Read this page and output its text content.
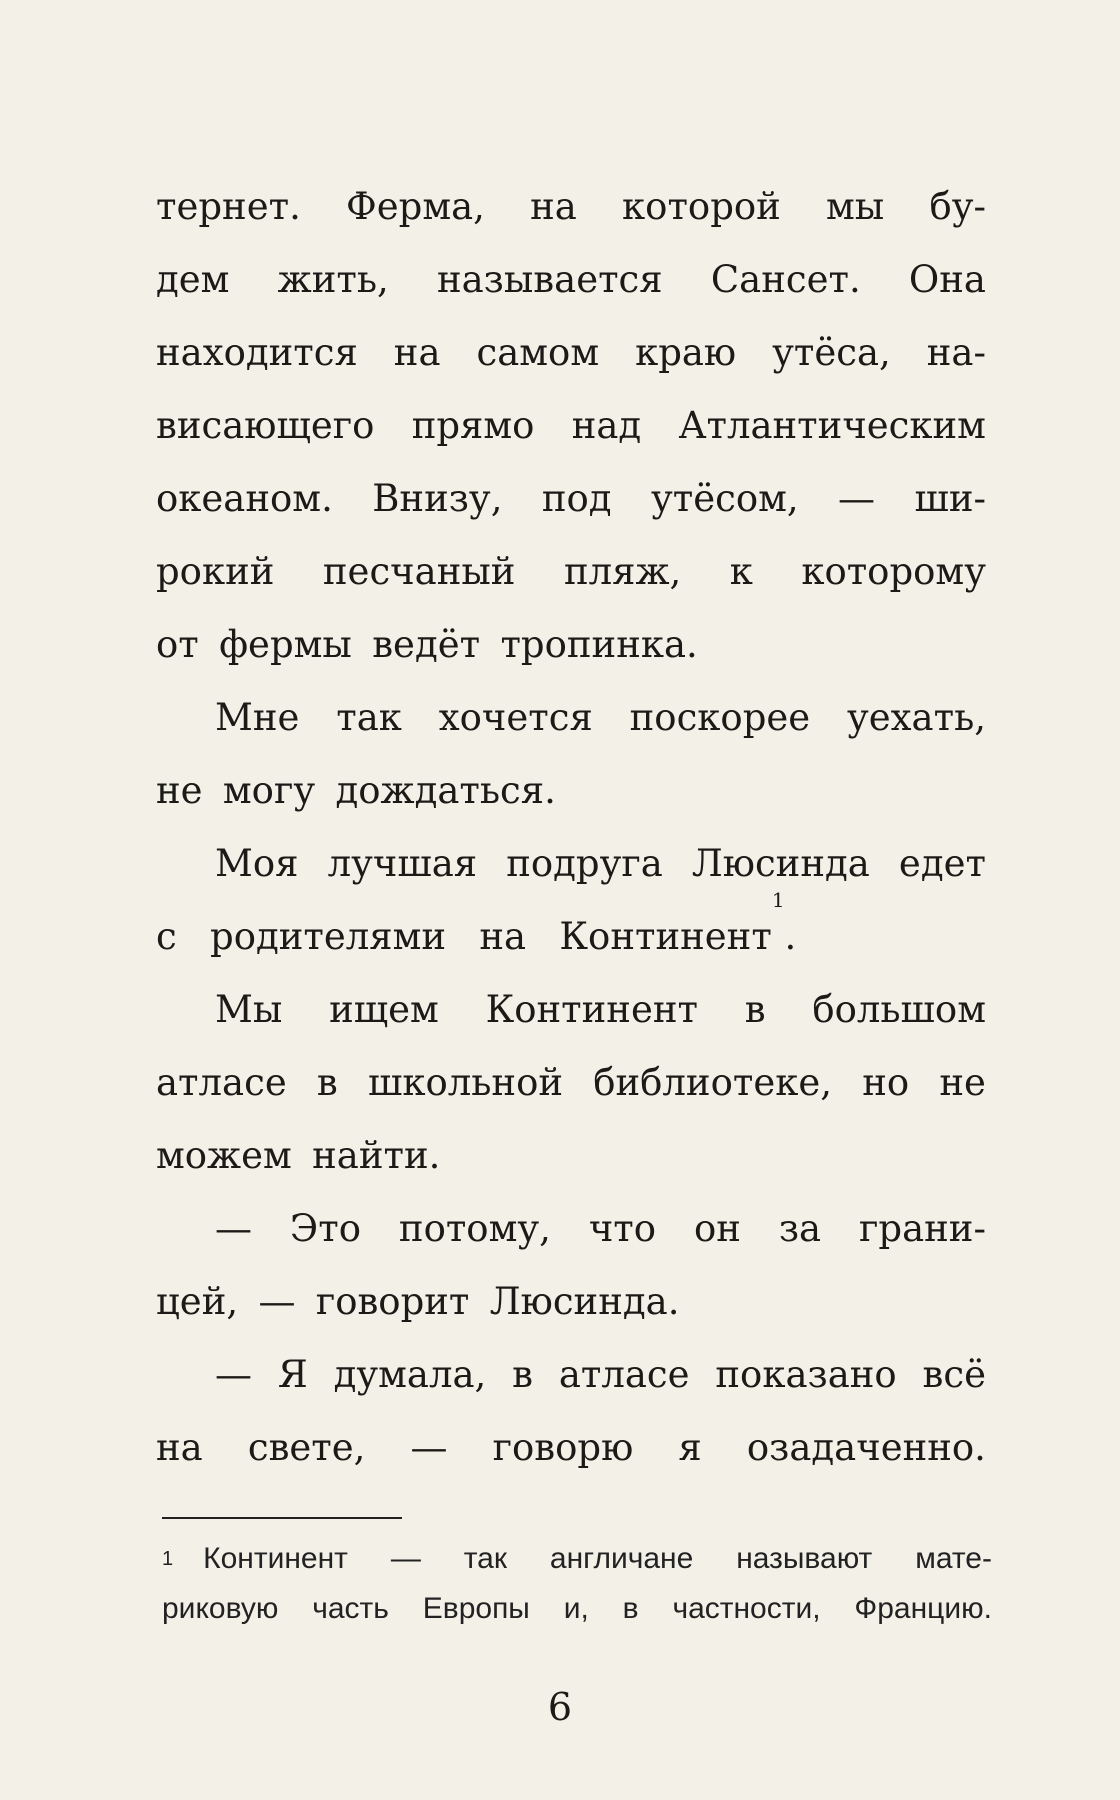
тернет. Ферма, на которой мы бу-
дем жить, называется Сансет. Она
находится на самом краю утёса, на-
висающего прямо над Атлантическим
океаном. Внизу, под утёсом, — ши-
рокий песчаный пляж, к которому
от фермы ведёт тропинка.
Мне так хочется поскорее уехать,
не могу дождаться.
Моя лучшая подруга Люсинда едет
с родителями на Континент
1
.
Мы ищем Континент в большом
атласе в школьной библиотеке, но не
можем найти.
— Это потому, что он за грани-
цей, — говорит Люсинда.
— Я думала, в атласе показано всё
на свете, — говорю я озадаченно.
1 Континент — так англичане называют мате-
риковую часть Европы и, в частности, Францию.
6
